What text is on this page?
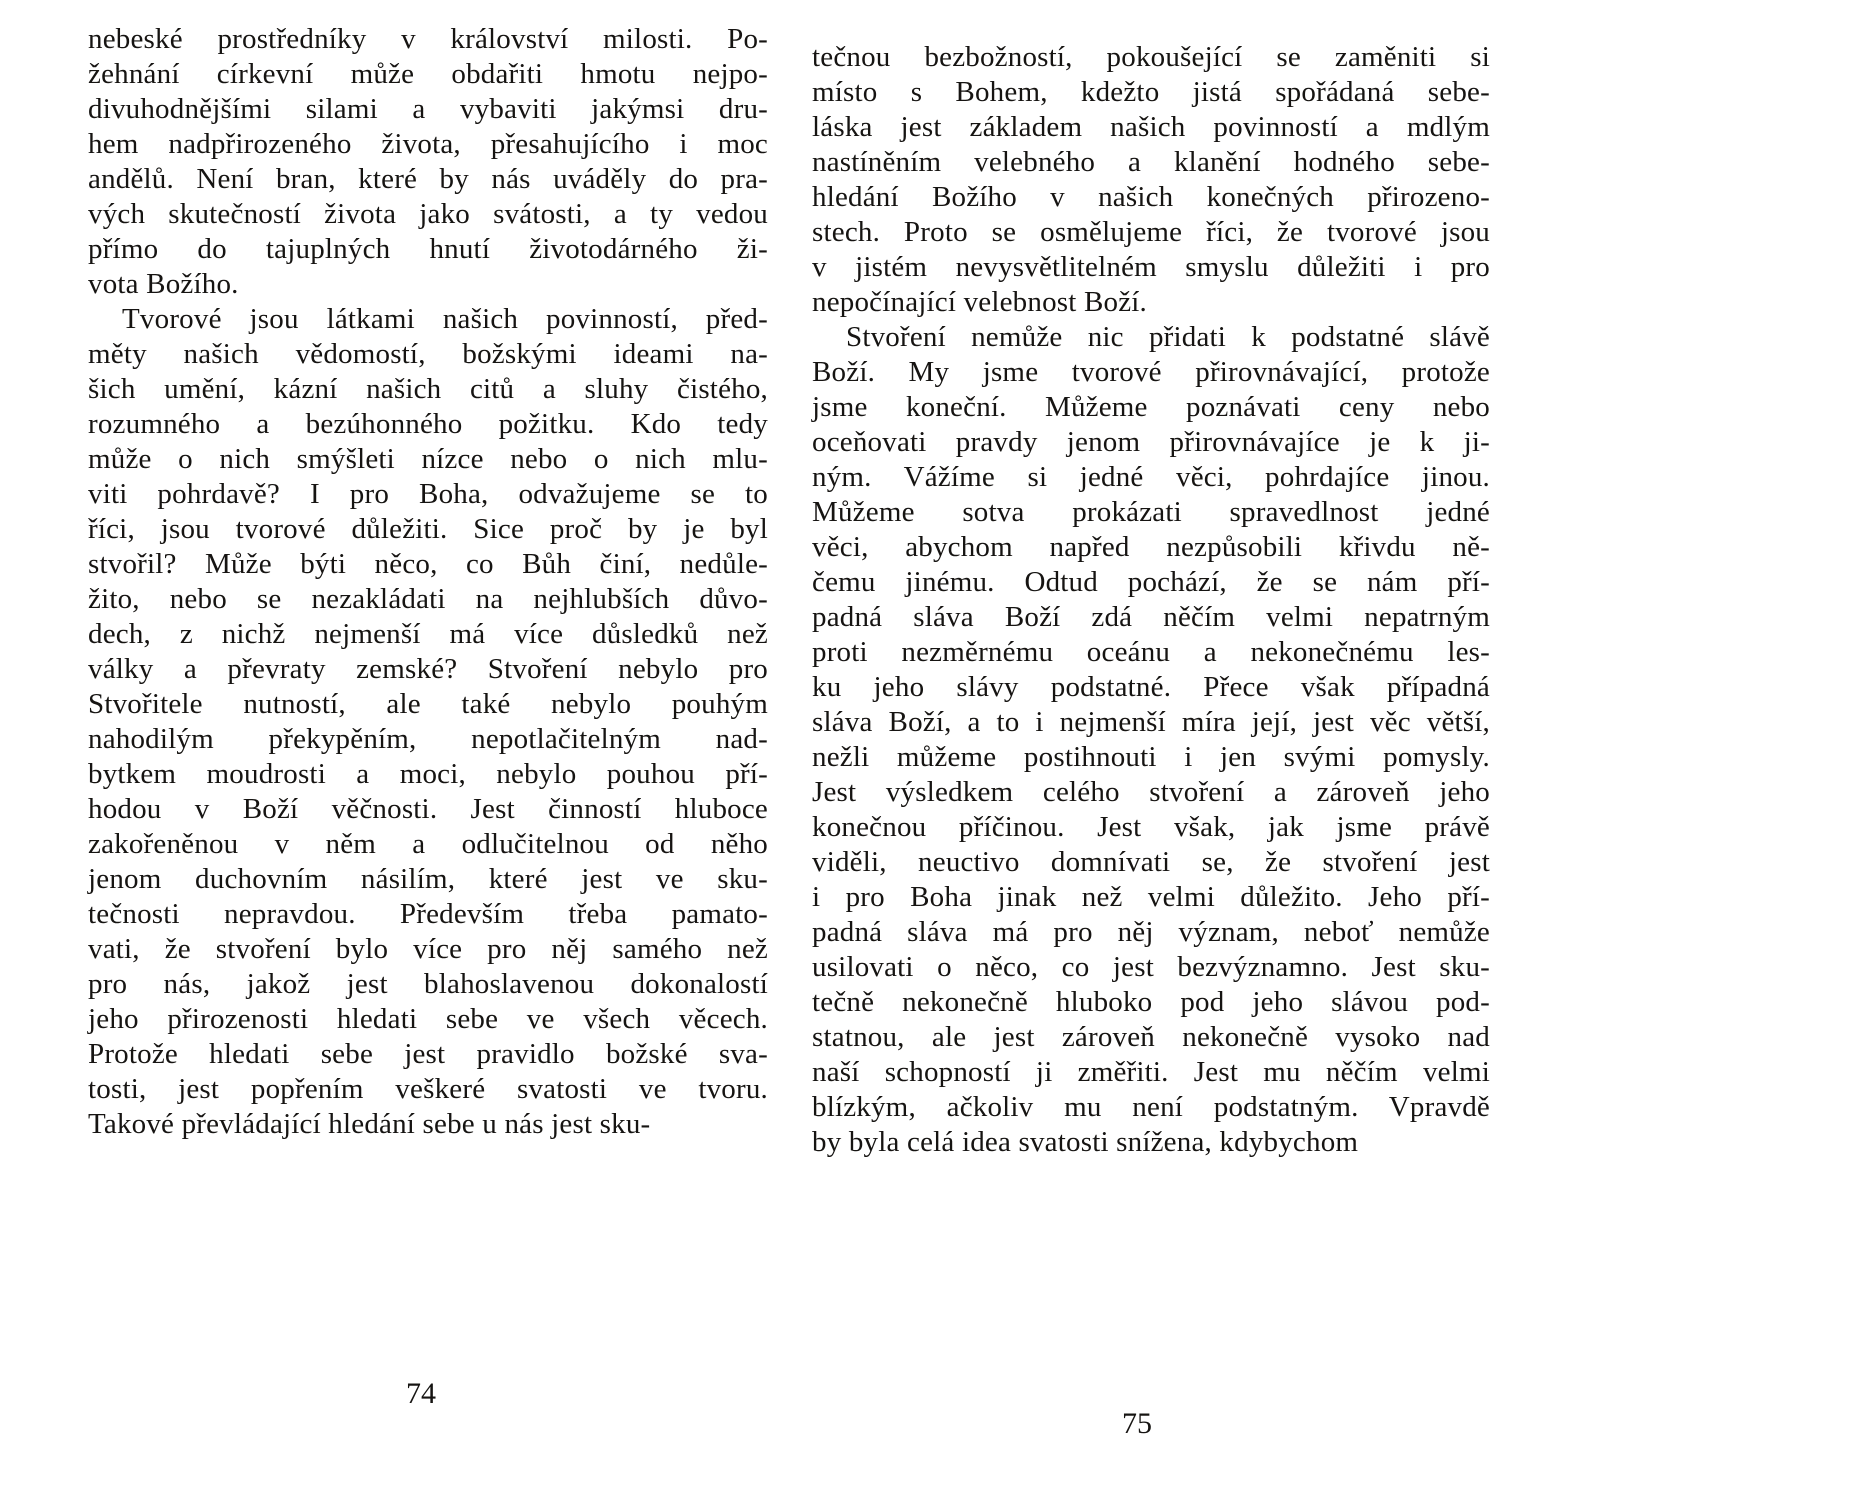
nebeské prostředníky v království milosti. Po-
žehnání církevní může obdařiti hmotu nejpo-
divuhodnějšími silami a vybaviti jakýmsi dru-
hem nadpřirozeného života, přesahujícího i moc
andělů. Není bran, které by nás uváděly do pra-
vých skutečností života jako svátosti, a ty vedou
přímo do tajuplných hnutí životodárného ži-
vota Božího.
Tvorové jsou látkami našich povinností, před-
měty našich vědomostí, božskými ideami na-
šich umění, kázní našich citů a sluhy čistého,
rozumného a bezúhonného požitku. Kdo tedy
může o nich smýšleti nízce nebo o nich mlu-
viti pohrdavě? I pro Boha, odvažujeme se to
říci, jsou tvorové důležiti. Sice proč by je byl
stvořil? Může býti něco, co Bůh činí, nedůle-
žito, nebo se nezakládati na nejhlubších důvo-
dech, z nichž nejmenší má více důsledků než
války a převraty zemské? Stvoření nebylo pro
Stvořitele nutností, ale také nebylo pouhým
nahodilým překypěním, nepotlačitelným nad-
bytkem moudrosti a moci, nebylo pouhou pří-
hodou v Boží věčnosti. Jest činností hluboce
zakořeněnou v něm a odlučitelnou od něho
jenom duchovním násilím, které jest ve sku-
tečnosti nepravdou. Především třeba pamato-
vati, že stvoření bylo více pro něj samého než
pro nás, jakož jest blahoslavenou dokonalostí
jeho přirozenosti hledati sebe ve všech věcech.
Protože hledati sebe jest pravidlo božské sva-
tosti, jest popřením veškeré svatosti ve tvoru.
Takové převládající hledání sebe u nás jest sku-
tečnou bezbožností, pokoušející se zaměniti si
místo s Bohem, kdežto jistá spořádaná sebe-
láska jest základem našich povinností a mdlým
nastíněním velebného a klanění hodného sebe-
hledání Božího v našich konečných přirozeno-
stech. Proto se osmělujeme říci, že tvorové jsou
v jistém nevysvětlitelném smyslu důležiti i pro
nepočínající velebnost Boží.
Stvoření nemůže nic přidati k podstatné slávě
Boží. My jsme tvorové přirovnávající, protože
jsme koneční. Můžeme poznávati ceny nebo
oceňovati pravdy jenom přirovnávajíce je k ji-
ným. Vážíme si jedné věci, pohrdajíce jinou.
Můžeme sotva prokázati spravedlnost jedné
věci, abychom napřed nezpůsobili křivdu ně-
čemu jinému. Odtud pochází, že se nám pří-
padná sláva Boží zdá něčím velmi nepatrným
proti nezměrnému oceánu a nekonečnému les-
ku jeho slávy podstatné. Přece však případná
sláva Boží, a to i nejmenší míra její, jest věc větší,
nežli můžeme postihnouti i jen svými pomysly.
Jest výsledkem celého stvoření a zároveň jeho
konečnou příčinou. Jest však, jak jsme právě
viděli, neuctivo domnívati se, že stvoření jest
i pro Boha jinak než velmi důležito. Jeho pří-
padná sláva má pro něj význam, neboť nemůže
usilovati o něco, co jest bezvýznamno. Jest sku-
tečně nekonečně hluboko pod jeho slávou pod-
statnou, ale jest zároveň nekonečně vysoko nad
naší schopností ji změřiti. Jest mu něčím velmi
blízkým, ačkoliv mu není podstatným. Vpravdě
by byla celá idea svatosti snížena, kdybychom
74
75
